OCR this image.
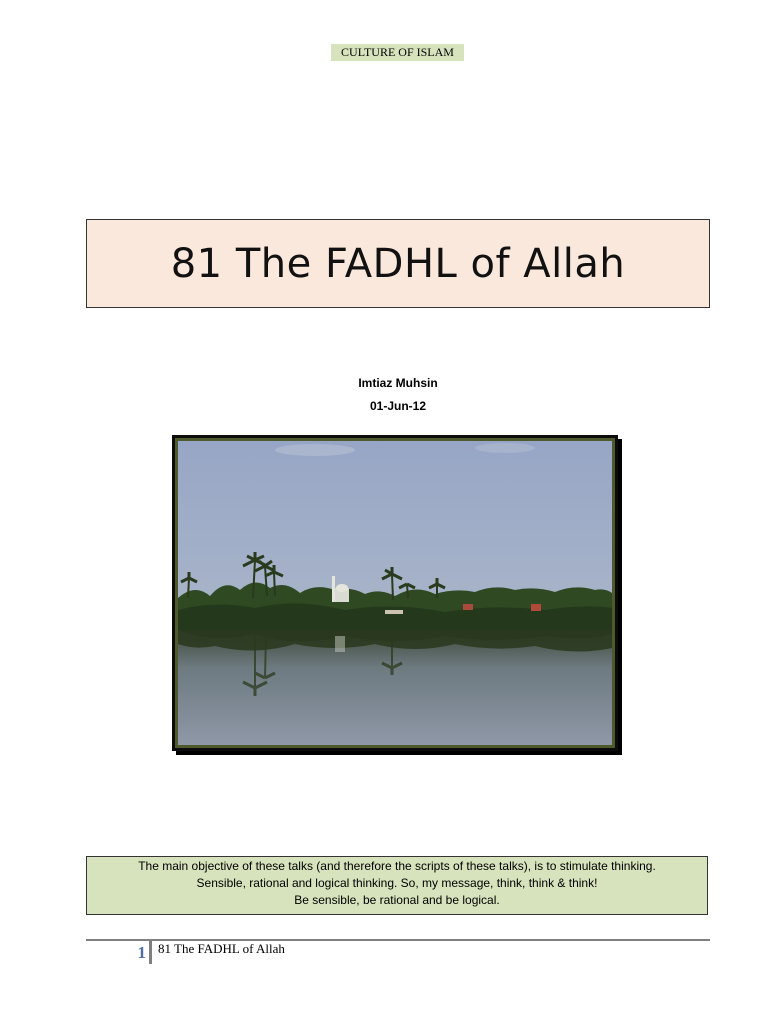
CULTURE OF ISLAM
81 The FADHL of Allah
Imtiaz Muhsin
01-Jun-12
The main objective of these talks (and therefore the scripts of these talks), is to stimulate thinking.
Sensible, rational and logical thinking. So, my message, think, think & think!
Be sensible, be rational and be logical.
1 81 The FADHL of Allah
